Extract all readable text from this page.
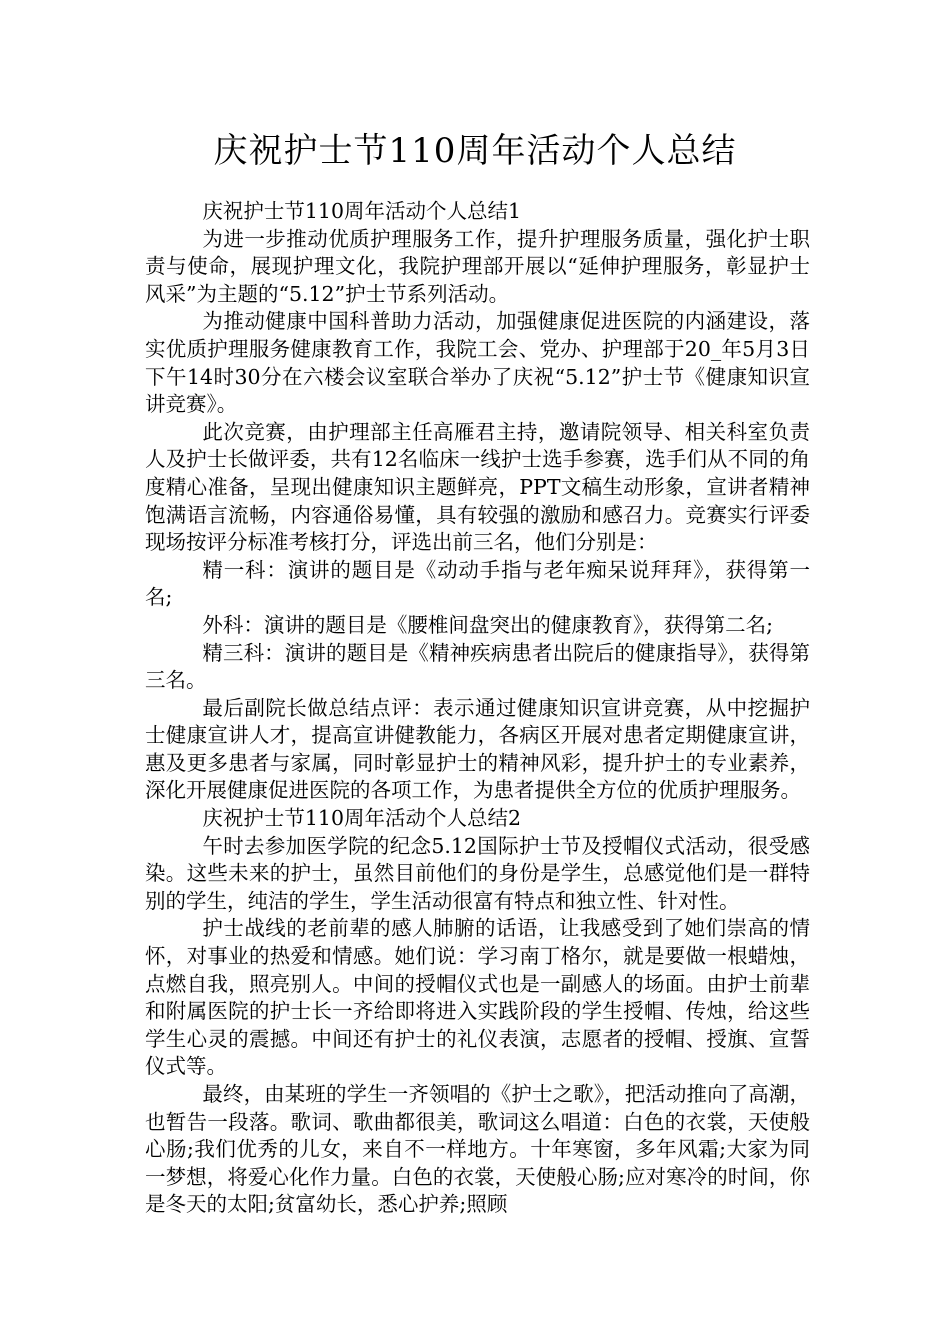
庆祝护士节110周年活动个人总结

庆祝护士节110周年活动个人总结1

为进一步推动优质护理服务工作，提升护理服务质量，强化护士职责与使命，展现护理文化，我院护理部开展以“延伸护理服务，彰显护士风采”为主题的“5.12”护士节系列活动。

为推动健康中国科普助力活动，加强健康促进医院的内涵建设，落实优质护理服务健康教育工作，我院工会、党办、护理部于20_年5月3日下午14时30分在六楼会议室联合举办了庆祝“5.12”护士节《健康知识宣讲竞赛》。

此次竞赛，由护理部主任高雁君主持，邀请院领导、相关科室负责人及护士长做评委，共有12名临床一线护士选手参赛，选手们从不同的角度精心准备，呈现出健康知识主题鲜亮，PPT文稿生动形象，宣讲者精神饱满语言流畅，内容通俗易懂，具有较强的激励和感召力。竞赛实行评委现场按评分标准考核打分，评选出前三名，他们分别是：

精一科：演讲的题目是《动动手指与老年痴呆说拜拜》，获得第一名;

外科：演讲的题目是《腰椎间盘突出的健康教育》，获得第二名;

精三科：演讲的题目是《精神疾病患者出院后的健康指导》，获得第三名。

最后副院长做总结点评：表示通过健康知识宣讲竞赛，从中挖掘护士健康宣讲人才，提高宣讲健教能力，各病区开展对患者定期健康宣讲，惠及更多患者与家属，同时彰显护士的精神风彩，提升护士的专业素养，深化开展健康促进医院的各项工作，为患者提供全方位的优质护理服务。

庆祝护士节110周年活动个人总结2

午时去参加医学院的纪念5.12国际护士节及授帽仪式活动，很受感染。这些未来的护士，虽然目前他们的身份是学生，总感觉他们是一群特别的学生，纯洁的学生，学生活动很富有特点和独立性、针对性。

护士战线的老前辈的感人肺腑的话语，让我感受到了她们崇高的情怀，对事业的热爱和情感。她们说：学习南丁格尔，就是要做一根蜡烛，点燃自我，照亮别人。中间的授帽仪式也是一副感人的场面。由护士前辈和附属医院的护士长一齐给即将进入实践阶段的学生授帽、传烛，给这些学生心灵的震撼。中间还有护士的礼仪表演，志愿者的授帽、授旗、宣誓仪式等。

最终，由某班的学生一齐领唱的《护士之歌》，把活动推向了高潮，也暂告一段落。歌词、歌曲都很美，歌词这么唱道：白色的衣裳，天使般心肠;我们优秀的儿女，来自不一样地方。十年寒窗，多年风霜;大家为同一梦想，将爱心化作力量。白色的衣裳，天使般心肠;应对寒冷的时间，你是冬天的太阳;贫富幼长，悉心护养;照顾
